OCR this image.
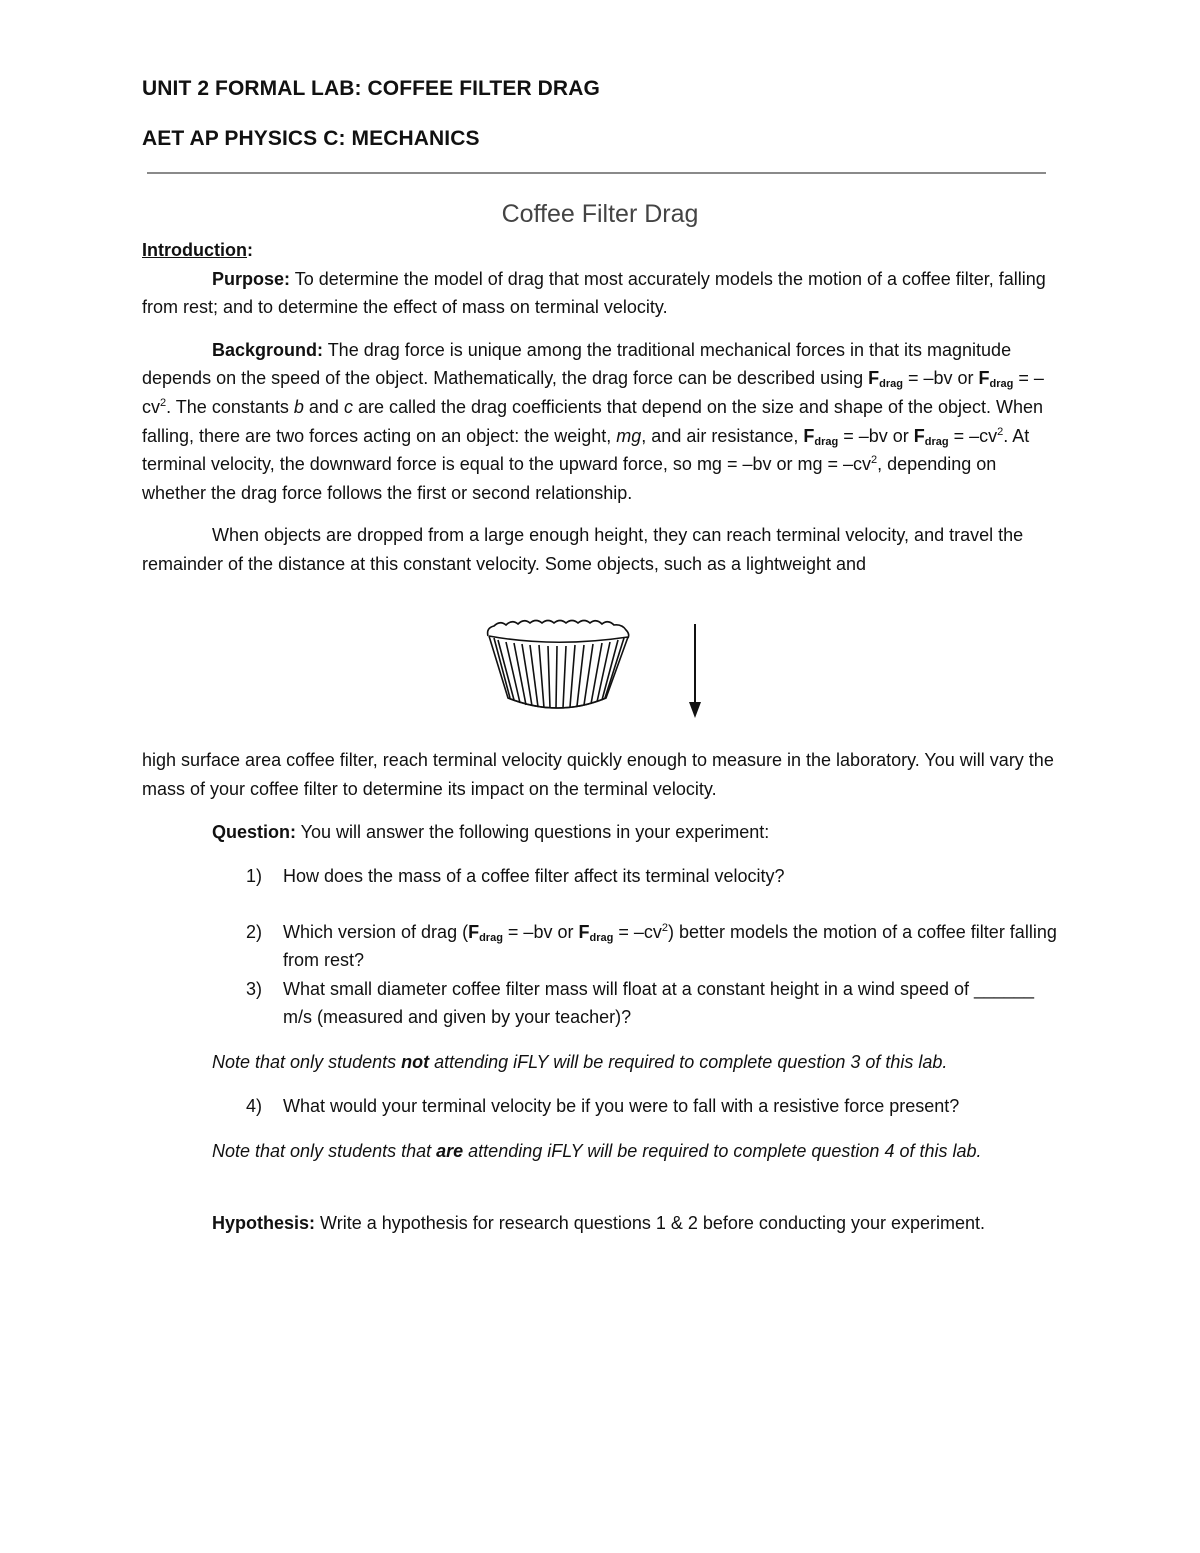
UNIT 2 FORMAL LAB: COFFEE FILTER DRAG
AET AP PHYSICS C: MECHANICS
Coffee Filter Drag

Introduction:

Purpose: To determine the model of drag that most accurately models the motion of a coffee filter, falling from rest; and to determine the effect of mass on terminal velocity.

Background: The drag force is unique among the traditional mechanical forces in that its magnitude depends on the speed of the object. Mathematically, the drag force can be described using $F_{drag} = -bv$ or $F_{drag} = -cv^2$. The constants b and c are called the drag coefficients that depend on the size and shape of the object. When falling, there are two forces acting on an object: the weight, mg, and air resistance, $F_{drag} = -bv$ or $F_{drag} = -cv^2$. At terminal velocity, the downward force is equal to the upward force, so mg = –bv or mg = $-cv^2$, depending on whether the drag force follows the first or second relationship.

When objects are dropped from a large enough height, they can reach terminal velocity, and travel the remainder of the distance at this constant velocity. Some objects, such as a lightweight and

high surface area coffee filter, reach terminal velocity quickly enough to measure in the laboratory. You will vary the mass of your coffee filter to determine its impact on the terminal velocity.

Question: You will answer the following questions in your experiment:

1)	How does the mass of a coffee filter affect its terminal velocity?
2)	Which version of drag ($F_{drag} = -bv$ or $F_{drag} = -cv^2$) better models the motion of a coffee filter falling from rest?
3)	What small diameter coffee filter mass will float at a constant height in a wind speed of ______ m/s (measured and given by your teacher)?

Note that only students not attending iFLY will be required to complete question 3 of this lab.

4)	What would your terminal velocity be if you were to fall with a resistive force present?

Note that only students that are attending iFLY will be required to complete question 4 of this lab.

Hypothesis: Write a hypothesis for research questions 1 & 2 before conducting your experiment.
